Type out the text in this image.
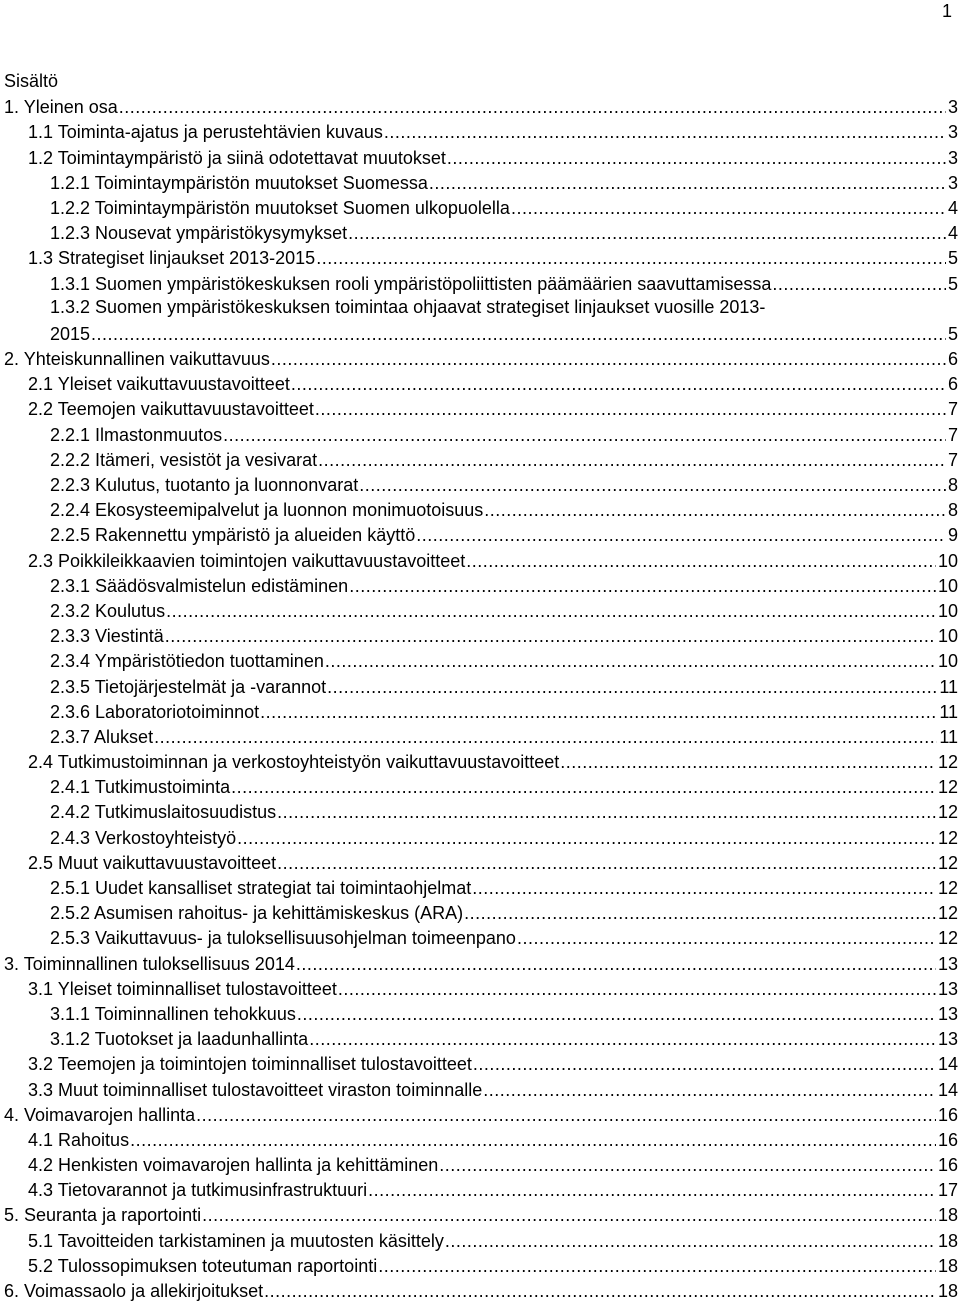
1
Sisältö
1. Yleinen osa .....	3
1.1 Toiminta-ajatus ja perustehtävien kuvaus .....	3
1.2 Toimintaympäristö ja siinä odotettavat muutokset .....	3
1.2.1 Toimintaympäristön muutokset Suomessa .....	3
1.2.2 Toimintaympäristön muutokset Suomen ulkopuolella .....	4
1.2.3 Nousevat ympäristökysymykset .....	4
1.3 Strategiset linjaukset 2013-2015 .....	5
1.3.1 Suomen ympäristökeskuksen rooli ympäristöpoliittisten päämäärien saavuttamisessa .....	5
1.3.2 Suomen ympäristökeskuksen toimintaa ohjaavat strategiset linjaukset vuosille 2013-
2015 .....	5
2. Yhteiskunnallinen vaikuttavuus .....	6
2.1 Yleiset vaikuttavuustavoitteet .....	6
2.2 Teemojen vaikuttavuustavoitteet .....	7
2.2.1 Ilmastonmuutos .....	7
2.2.2 Itämeri, vesistöt ja vesivarat .....	7
2.2.3 Kulutus, tuotanto ja luonnonvarat .....	8
2.2.4 Ekosysteemipalvelut ja luonnon monimuotoisuus .....	8
2.2.5 Rakennettu ympäristö ja alueiden käyttö .....	9
2.3 Poikkileikkaavien toimintojen vaikuttavuustavoitteet .....	10
2.3.1 Säädösvalmistelun edistäminen .....	10
2.3.2 Koulutus .....	10
2.3.3 Viestintä .....	10
2.3.4 Ympäristötiedon tuottaminen .....	10
2.3.5 Tietojärjestelmät ja -varannot .....	11
2.3.6 Laboratoriotoiminnot .....	11
2.3.7 Alukset .....	11
2.4 Tutkimustoiminnan ja verkostoyhteistyön vaikuttavuustavoitteet .....	12
2.4.1 Tutkimustoiminta .....	12
2.4.2 Tutkimuslaitosuudistus .....	12
2.4.3 Verkostoyhteistyö .....	12
2.5 Muut vaikuttavuustavoitteet .....	12
2.5.1 Uudet kansalliset strategiat tai toimintaohjelmat .....	12
2.5.2 Asumisen rahoitus- ja kehittämiskeskus (ARA) .....	12
2.5.3 Vaikuttavuus- ja tuloksellisuusohjelman toimeenpano .....	12
3. Toiminnallinen tuloksellisuus 2014 .....	13
3.1 Yleiset toiminnalliset tulostavoitteet .....	13
3.1.1 Toiminnallinen tehokkuus .....	13
3.1.2 Tuotokset ja laadunhallinta .....	13
3.2 Teemojen ja toimintojen toiminnalliset tulostavoitteet .....	14
3.3 Muut toiminnalliset tulostavoitteet viraston toiminnalle .....	14
4. Voimavarojen hallinta .....	16
4.1 Rahoitus .....	16
4.2 Henkisten voimavarojen hallinta ja kehittäminen .....	16
4.3 Tietovarannot ja tutkimusinfrastruktuuri .....	17
5. Seuranta ja raportointi .....	18
5.1 Tavoitteiden tarkistaminen ja muutosten käsittely .....	18
5.2 Tulossopimuksen toteutuman raportointi .....	18
6. Voimassaolo ja allekirjoitukset .....	18
